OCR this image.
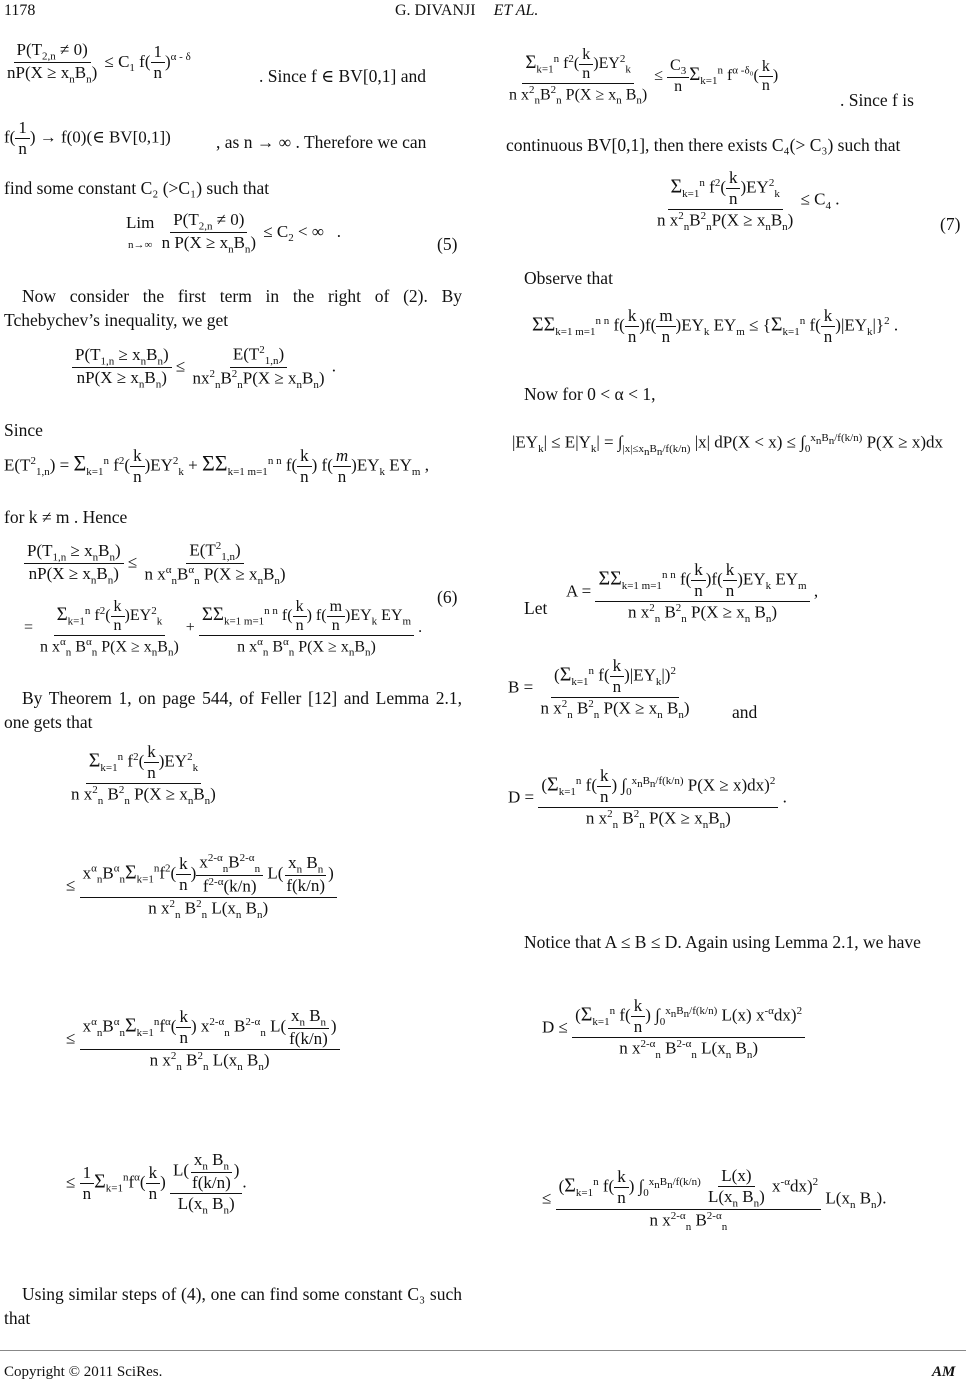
1178	G. DIVANJI ET AL.
$\frac{P(T_{2,n} \ne 0)}{nP(X \ge x_nB_n)} \le C_1$ $f( \frac{1}{n} )^{\alpha - \delta}$
. Since f ∈ BV[0,1] and
$f( \frac{1}{n}$ ) → f(0)(∈ BV[0,1])	, as n → ∞ . Therefore we can
find some constant C₂ (>C₁) such that
Lim
$n\to\infty \frac{P(T_{2,n} \ne 0)}{n P(X \ge x_nB_n)} \le C_2$ < ∞   .
(5)
Now consider the first term in the right of (2). By Tchebychev’s inequality, we get
$\frac{P(T_{1,n} \ge x_nB_n)}{nP(X \ge x_nB_n)} \le \frac{E(T^2_{1,n})}{nx^2_nB^2_nP(X \ge x_nB_n)}$ .
Since
$E(T^2_{1,n}) = \Sigma_{k=1}^n$ $f^2( \frac{k}{n} )EY^2_k + \Sigma\Sigma_{k=1 m=1}^{n n}$ $f( \frac{k}{n}$ ) $f( \frac{m}{n} )EY_k$ $EY_m$ ,
for k ≠ m . Hence
$\frac{P(T_{1,n} \ge x_nB_n)}{nP(X \ge x_nB_n)} \le \frac{E(T^2_{1,n})}{n x^\alpha_nB^\alpha_n P(X \ge x_nB_n)}$
= $\frac{\Sigma_{k=1}^n f^2( \frac{k}{n} )EY^2_k}{n x^\alpha_n B^\alpha_n P(X \ge x_nB_n)} + \frac{\Sigma\Sigma_{k=1 m=1}^{n n} f( \frac{k}{n} ) f( \frac{m}{n} )EY_k EY_m}{n x^\alpha_n B^\alpha_n P(X \ge x_nB_n)}$ .
(6)
By Theorem 1, on page 544, of Feller [12] and Lemma 2.1, one gets that
$\frac{\Sigma_{k=1}^n f^2( \frac{k}{n} )EY^2_k}{n x^2_n B^2_n P(X \ge x_nB_n)}$
≤ $\frac{x^\alpha_nB^\alpha_n\Sigma_{k=1}^nf^2( \frac{k}{n} ) \frac{x^{2-\alpha}_nB^{2-\alpha}_n}{f^{2-\alpha}(k/n)} L( \frac{x_n B_n}{f(k/n)} )}{n x^2_n B^2_n L(x_n B_n)}$
≤ $\frac{x^\alpha_nB^\alpha_n\Sigma_{k=1}^nf^\alpha( \frac{k}{n} ) x^{2-\alpha}_n B^{2-\alpha}_n L( \frac{x_n B_n}{f(k/n)} )}{n x^2_n B^2_n L(x_n B_n)}$
≤ $\frac{1}{n} \Sigma_{k=1}^nf^\alpha( \frac{k}{n}$ ) $\frac{L( \frac{x_n B_n}{f(k/n)} )}{L(x_n B_n)}$ .
Using similar steps of (4), one can find some constant C₃ such that
$\frac{\Sigma_{k=1}^n f^2( \frac{k}{n} )EY^2_k}{n x^2_nB^2_n P(X \ge x_n B_n)} \le \frac{C_3}{n} \Sigma_{k=1}^n$ $f^{\alpha -\delta_0}( \frac{k}{n}$ )
. Since f is
continuous BV[0,1], then there exists C₄(> C₃) such that
$\frac{\Sigma_{k=1}^n f^2( \frac{k}{n} )EY^2_k}{n x^2_nB^2_nP(X \ge x_nB_n)} \le C_4$ .
(7)
Observe that
$\Sigma\Sigma_{k=1 m=1}^{n n}$ $f( \frac{k}{n} )f( \frac{m}{n} )EY_k$ $EY_m \le \{\Sigma_{k=1}^n$ $f( \frac{k}{n} )|EY_k|\}^2$ .
Now for 0 < α < 1,
$|EY_k| \le E|Y_k| = \int_{|x|\le x_nB_n/f(k/n)}$ |x| $dP(X < x) \le \int_0^{x_nB_n/f(k/n)}$ P(X ≥ x)dx
Let
$A = \frac{\Sigma\Sigma_{k=1 m=1}^{n n} f( \frac{k}{n} )f( \frac{k}{n} )EY_k EY_m}{n x^2_n B^2_n P(X \ge x_n B_n)}$ ,
$B = \frac{(\Sigma_{k=1}^n f( \frac{k}{n} )|EY_k|)^2}{n x^2_n B^2_n P(X \ge x_n B_n)}$ and
$D = \frac{(\Sigma_{k=1}^n f( \frac{k}{n} ) \int_0^{x_nB_n/f(k/n)} P(X \ge x)dx)^2}{n x^2_n B^2_n P(X \ge x_nB_n)}$ .
Notice that A ≤ B ≤ D. Again using Lemma 2.1, we have
$D \le \frac{(\Sigma_{k=1}^n f( \frac{k}{n} ) \int_0^{x_nB_n/f(k/n)} L(x) x^{-\alpha}dx)^2}{n x^{2-\alpha}_n B^{2-\alpha}_n L(x_n B_n)}$
≤ $\frac{(\Sigma_{k=1}^n f( \frac{k}{n} ) \int_0^{x_nB_n/f(k/n)} \frac{L(x)}{L(x_n B_n)} x^{-\alpha}dx)^2}{n x^{2-\alpha}_n B^{2-\alpha}_n} L(x_n$ $B_n$).
Copyright © 2011 SciRes.	AM
